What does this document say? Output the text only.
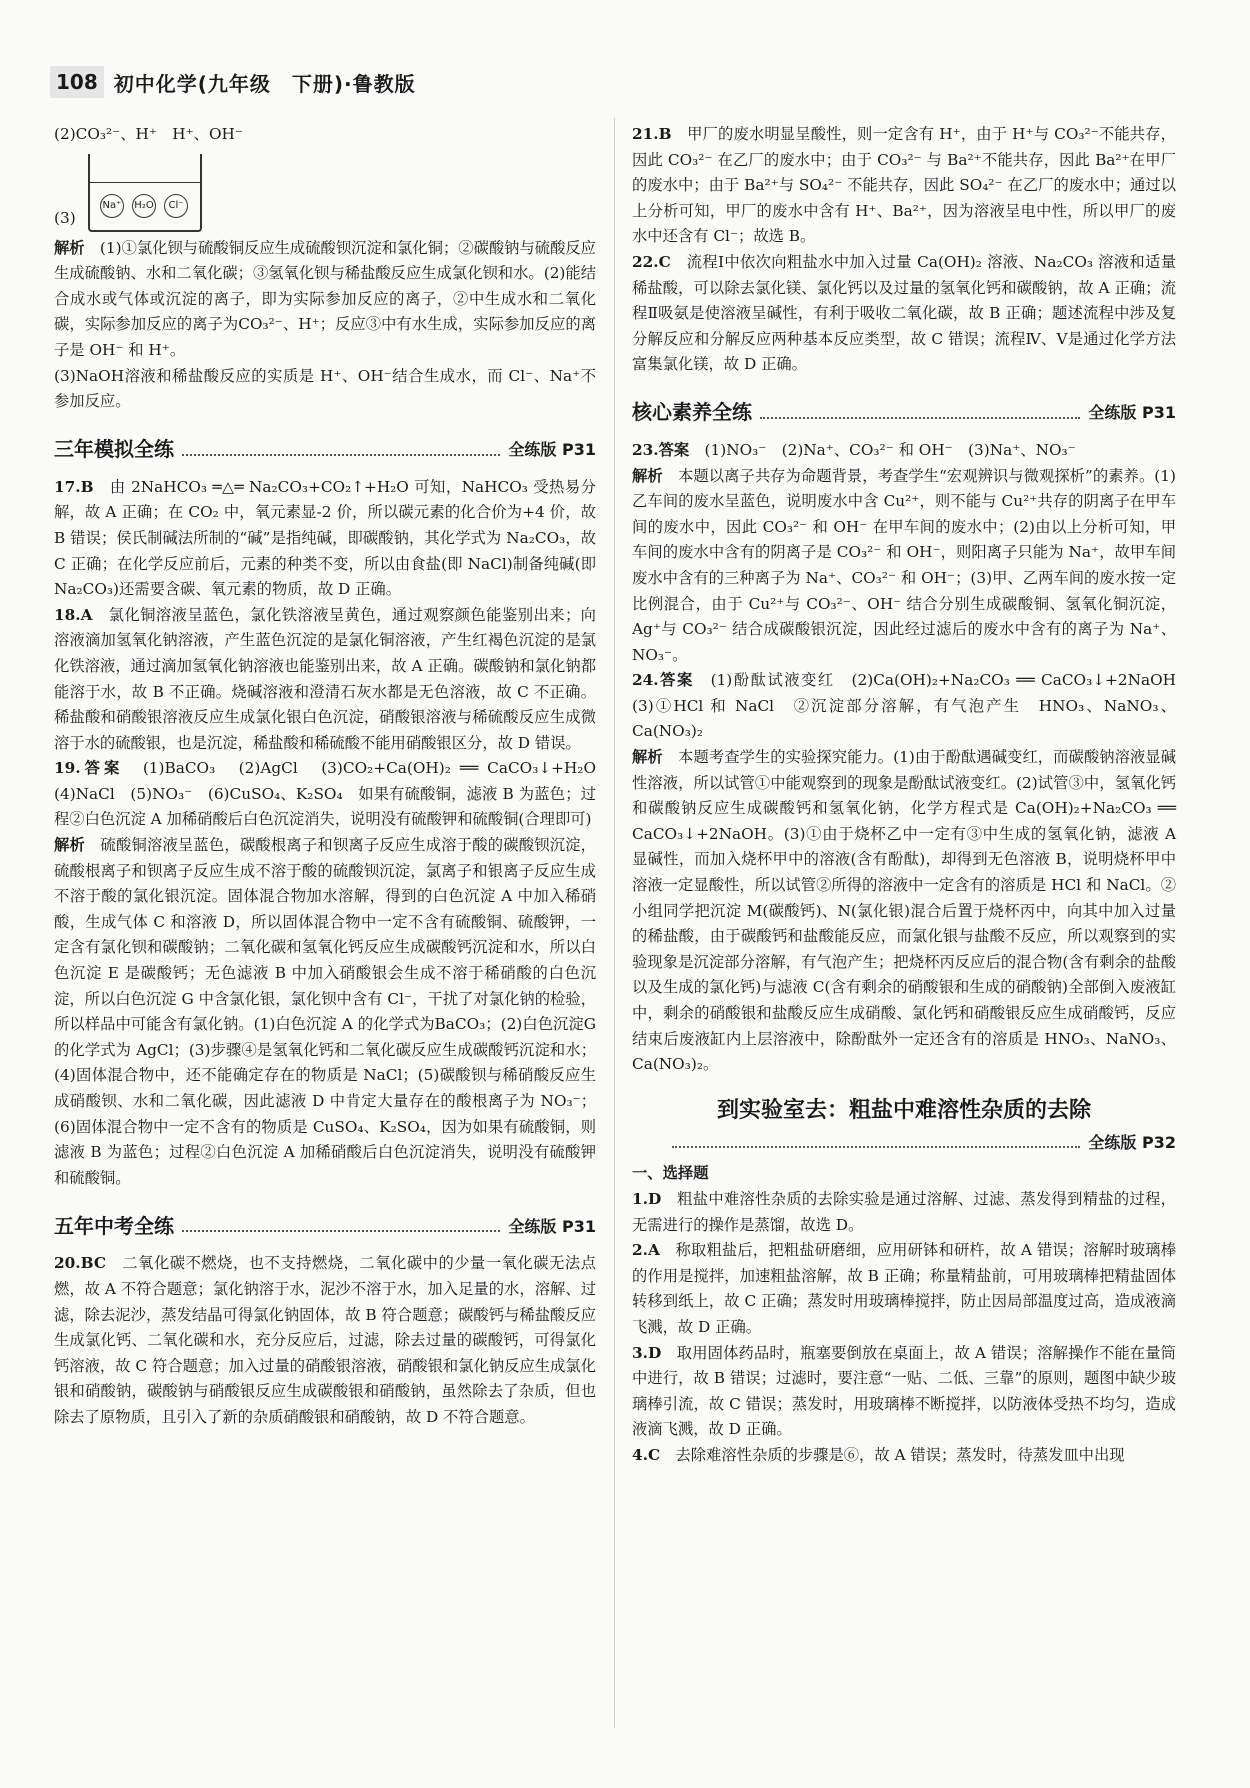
108 初中化学(九年级　下册)·鲁教版

(2)CO₃²⁻、H⁺　H⁺、OH⁻

(3)
Na⁺ H₂O	Cl⁻

解析　 (1)①氯化钡与硫酸铜反应生成硫酸钡沉淀和氯化铜；②碳酸钠与硫酸反应生成硫酸钠、水和二氧化碳；③氢氧化钡与稀盐酸反应生成氯化钡和水。(2)能结合成水或气体或沉淀的离子，即为实际参加反应的离子，②中生成水和二氧化碳，实际参加反应的离子为CO₃²⁻、H⁺；反应③中有水生成，实际参加反应的离子是 OH⁻ 和 H⁺。

(3)NaOH溶液和稀盐酸反应的实质是 H⁺、OH⁻结合生成水，而 Cl⁻、Na⁺不参加反应。

三年模拟全练	全练版 P31

17.B　 由 2NaHCO₃ ═△═ Na₂CO₃+CO₂↑+H₂O 可知，NaHCO₃ 受热易分解，故 A 正确；在 CO₂ 中，氧元素显-2 价，所以碳元素的化合价为+4 价，故 B 错误；侯氏制碱法所制的“碱”是指纯碱，即碳酸钠，其化学式为 Na₂CO₃，故 C 正确；在化学反应前后，元素的种类不变，所以由食盐(即 NaCl)制备纯碱(即 Na₂CO₃)还需要含碳、氧元素的物质，故 D 正确。

18.A　 氯化铜溶液呈蓝色，氯化铁溶液呈黄色，通过观察颜色能鉴别出来；向溶液滴加氢氧化钠溶液，产生蓝色沉淀的是氯化铜溶液，产生红褐色沉淀的是氯化铁溶液，通过滴加氢氧化钠溶液也能鉴别出来，故 A 正确。碳酸钠和氯化钠都能溶于水，故 B 不正确。烧碱溶液和澄清石灰水都是无色溶液，故 C 不正确。稀盐酸和硝酸银溶液反应生成氯化银白色沉淀，硝酸银溶液与稀硫酸反应生成微溶于水的硫酸银，也是沉淀，稀盐酸和稀硫酸不能用硝酸银区分，故 D 错误。

19.答案　 (1)BaCO₃　(2)AgCl　(3)CO₂+Ca(OH)₂ ══ CaCO₃↓+H₂O　(4)NaCl　(5)NO₃⁻　(6)CuSO₄、K₂SO₄　如果有硫酸铜，滤液 B 为蓝色；过程②白色沉淀 A 加稀硝酸后白色沉淀消失，说明没有硫酸钾和硫酸铜(合理即可)

解析　 硫酸铜溶液呈蓝色，碳酸根离子和钡离子反应生成溶于酸的碳酸钡沉淀，硫酸根离子和钡离子反应生成不溶于酸的硫酸钡沉淀，氯离子和银离子反应生成不溶于酸的氯化银沉淀。固体混合物加水溶解，得到的白色沉淀 A 中加入稀硝酸，生成气体 C 和溶液 D，所以固体混合物中一定不含有硫酸铜、硫酸钾，一定含有氯化钡和碳酸钠；二氧化碳和氢氧化钙反应生成碳酸钙沉淀和水，所以白色沉淀 E 是碳酸钙；无色滤液 B 中加入硝酸银会生成不溶于稀硝酸的白色沉淀，所以白色沉淀 G 中含氯化银，氯化钡中含有 Cl⁻，干扰了对氯化钠的检验，所以样品中可能含有氯化钠。(1)白色沉淀 A 的化学式为BaCO₃；(2)白色沉淀G的化学式为 AgCl；(3)步骤④是氢氧化钙和二氧化碳反应生成碳酸钙沉淀和水；(4)固体混合物中，还不能确定存在的物质是 NaCl；(5)碳酸钡与稀硝酸反应生成硝酸钡、水和二氧化碳，因此滤液 D 中肯定大量存在的酸根离子为 NO₃⁻；(6)固体混合物中一定不含有的物质是 CuSO₄、K₂SO₄，因为如果有硫酸铜，则滤液 B 为蓝色；过程②白色沉淀 A 加稀硝酸后白色沉淀消失，说明没有硫酸钾和硫酸铜。

五年中考全练	全练版 P31

20.BC　 二氧化碳不燃烧，也不支持燃烧，二氧化碳中的少量一氧化碳无法点燃，故 A 不符合题意；氯化钠溶于水，泥沙不溶于水，加入足量的水，溶解、过滤，除去泥沙，蒸发结晶可得氯化钠固体，故 B 符合题意；碳酸钙与稀盐酸反应生成氯化钙、二氧化碳和水，充分反应后，过滤，除去过量的碳酸钙，可得氯化钙溶液，故 C 符合题意；加入过量的硝酸银溶液，硝酸银和氯化钠反应生成氯化银和硝酸钠，碳酸钠与硝酸银反应生成碳酸银和硝酸钠，虽然除去了杂质，但也除去了原物质，且引入了新的杂质硝酸银和硝酸钠，故 D 不符合题意。

21.B　 甲厂的废水明显呈酸性，则一定含有 H⁺，由于 H⁺与 CO₃²⁻不能共存，因此 CO₃²⁻ 在乙厂的废水中；由于 CO₃²⁻ 与 Ba²⁺不能共存，因此 Ba²⁺在甲厂的废水中；由于 Ba²⁺与 SO₄²⁻ 不能共存，因此 SO₄²⁻ 在乙厂的废水中；通过以上分析可知，甲厂的废水中含有 H⁺、Ba²⁺，因为溶液呈电中性，所以甲厂的废水中还含有 Cl⁻；故选 B。

22.C　 流程Ⅰ中依次向粗盐水中加入过量 Ca(OH)₂ 溶液、Na₂CO₃ 溶液和适量稀盐酸，可以除去氯化镁、氯化钙以及过量的氢氧化钙和碳酸钠，故 A 正确；流程Ⅱ吸氨是使溶液呈碱性，有利于吸收二氧化碳，故 B 正确；题述流程中涉及复分解反应和分解反应两种基本反应类型，故 C 错误；流程Ⅳ、Ⅴ是通过化学方法富集氯化镁，故 D 正确。

核心素养全练	全练版 P31

23.答案　 (1)NO₃⁻　(2)Na⁺、CO₃²⁻ 和 OH⁻　(3)Na⁺、NO₃⁻

解析　 本题以离子共存为命题背景，考查学生“宏观辨识与微观探析”的素养。(1)乙车间的废水呈蓝色，说明废水中含 Cu²⁺，则不能与 Cu²⁺共存的阴离子在甲车间的废水中，因此 CO₃²⁻ 和 OH⁻ 在甲车间的废水中；(2)由以上分析可知，甲车间的废水中含有的阴离子是 CO₃²⁻ 和 OH⁻，则阳离子只能为 Na⁺，故甲车间废水中含有的三种离子为 Na⁺、CO₃²⁻ 和 OH⁻；(3)甲、乙两车间的废水按一定比例混合，由于 Cu²⁺与 CO₃²⁻、OH⁻ 结合分别生成碳酸铜、氢氧化铜沉淀，Ag⁺与 CO₃²⁻ 结合成碳酸银沉淀，因此经过滤后的废水中含有的离子为 Na⁺、NO₃⁻。

24.答案　 (1)酚酞试液变红　(2)Ca(OH)₂+Na₂CO₃ ══ CaCO₃↓+2NaOH　(3)①HCl 和 NaCl　②沉淀部分溶解，有气泡产生　HNO₃、NaNO₃、Ca(NO₃)₂

解析　 本题考查学生的实验探究能力。(1)由于酚酞遇碱变红，而碳酸钠溶液显碱性溶液，所以试管①中能观察到的现象是酚酞试液变红。(2)试管③中，氢氧化钙和碳酸钠反应生成碳酸钙和氢氧化钠，化学方程式是 Ca(OH)₂+Na₂CO₃ ══ CaCO₃↓+2NaOH。(3)①由于烧杯乙中一定有③中生成的氢氧化钠，滤液 A 显碱性，而加入烧杯甲中的溶液(含有酚酞)，却得到无色溶液 B，说明烧杯甲中溶液一定显酸性，所以试管②所得的溶液中一定含有的溶质是 HCl 和 NaCl。②小组同学把沉淀 M(碳酸钙)、N(氯化银)混合后置于烧杯丙中，向其中加入过量的稀盐酸，由于碳酸钙和盐酸能反应，而氯化银与盐酸不反应，所以观察到的实验现象是沉淀部分溶解，有气泡产生；把烧杯丙反应后的混合物(含有剩余的盐酸以及生成的氯化钙)与滤液 C(含有剩余的硝酸银和生成的硝酸钠)全部倒入废液缸中，剩余的硝酸银和盐酸反应生成硝酸、氯化钙和硝酸银反应生成硝酸钙，反应结束后废液缸内上层溶液中，除酚酞外一定还含有的溶质是 HNO₃、NaNO₃、Ca(NO₃)₂。

到实验室去：粗盐中难溶性杂质的去除
全练版 P32

一、选择题

1.D　 粗盐中难溶性杂质的去除实验是通过溶解、过滤、蒸发得到精盐的过程，无需进行的操作是蒸馏，故选 D。

2.A　 称取粗盐后，把粗盐研磨细，应用研钵和研杵，故 A 错误；溶解时玻璃棒的作用是搅拌，加速粗盐溶解，故 B 正确；称量精盐前，可用玻璃棒把精盐固体转移到纸上，故 C 正确；蒸发时用玻璃棒搅拌，防止因局部温度过高，造成液滴飞溅，故 D 正确。

3.D　 取用固体药品时，瓶塞要倒放在桌面上，故 A 错误；溶解操作不能在量筒中进行，故 B 错误；过滤时，要注意“一贴、二低、三靠”的原则，题图中缺少玻璃棒引流，故 C 错误；蒸发时，用玻璃棒不断搅拌，以防液体受热不均匀，造成液滴飞溅，故 D 正确。

4.C　 去除难溶性杂质的步骤是⑥，故 A 错误；蒸发时，待蒸发皿中出现
